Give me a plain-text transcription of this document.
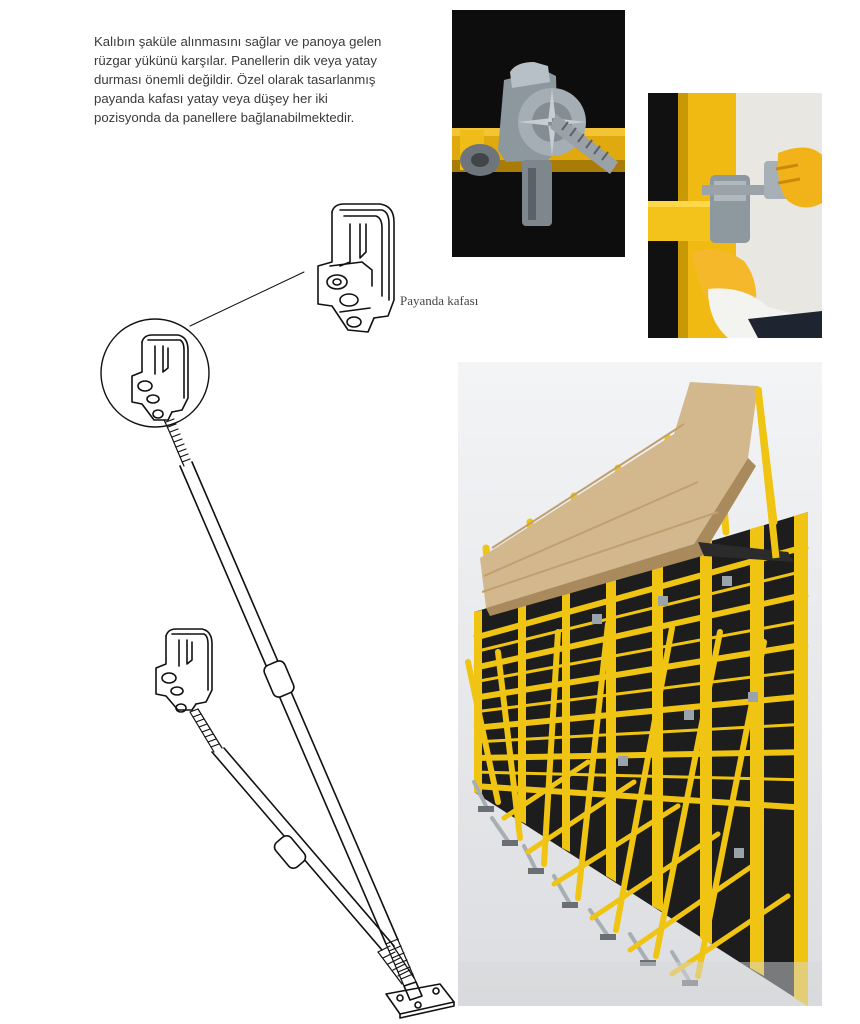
Kalıbın şaküle alınmasını sağlar ve panoya gelen
rüzgar yükünü karşılar. Panellerin dik veya yatay
durması önemli değildir. Özel olarak tasarlanmış
payanda kafası yatay veya düşey her iki
pozisyonda da panellere bağlanabilmektedir.
Payanda kafası
